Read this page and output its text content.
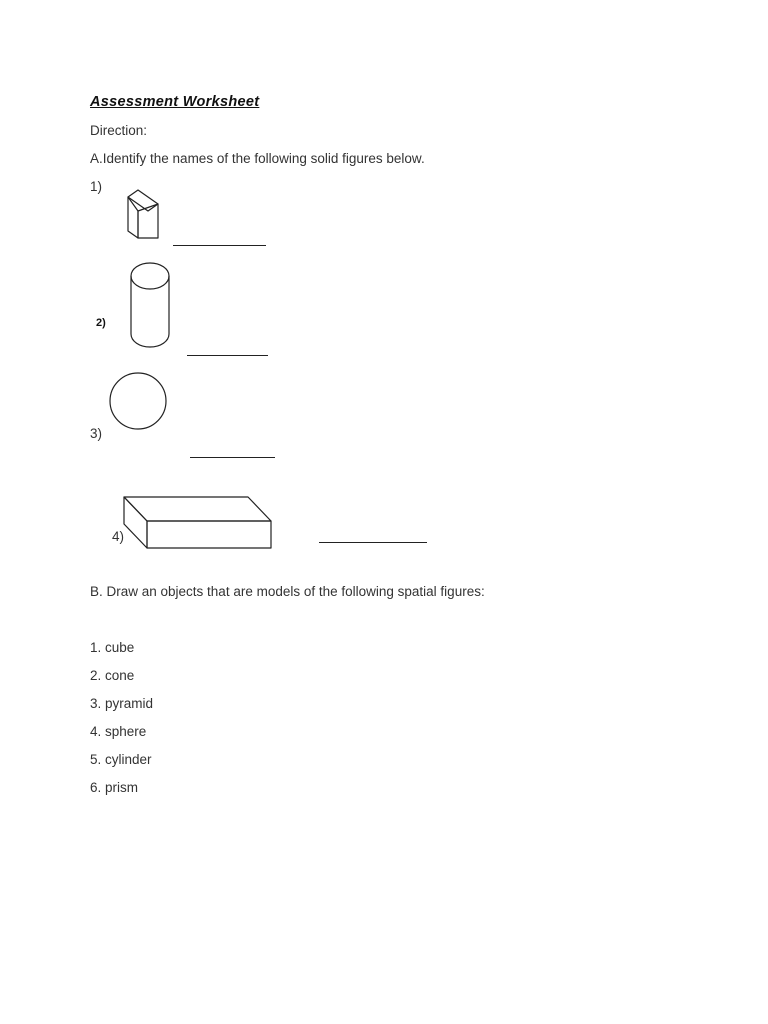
Assessment Worksheet
Direction:
A.Identify the names of the following solid figures below.
1)
2)
3)
4)
B. Draw an objects that are models of the following spatial figures:
1. cube
2. cone
3. pyramid
4. sphere
5. cylinder
6. prism
